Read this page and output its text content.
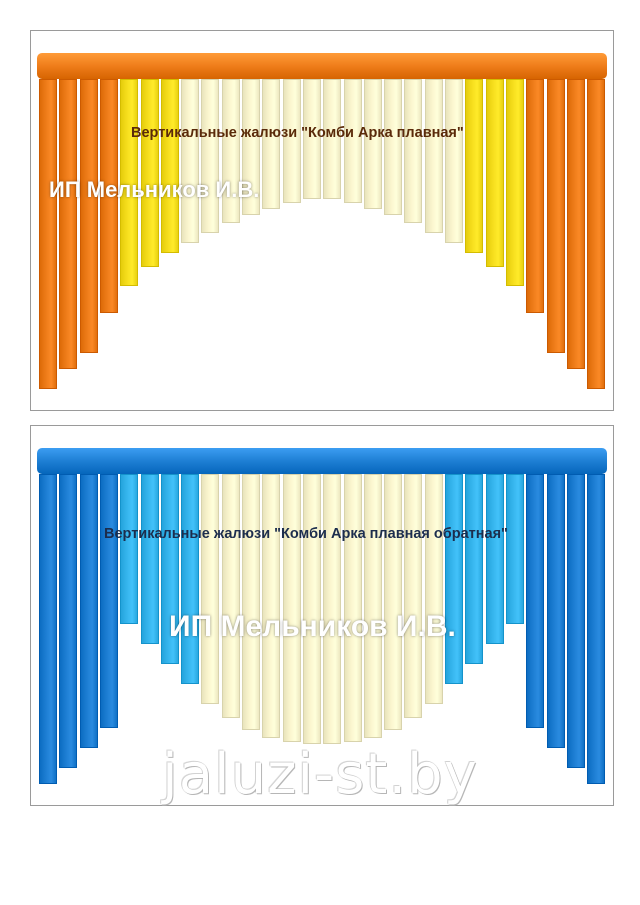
Вертикальные жалюзи "Комби Арка плавная"
ИП Мельников И.В.
Вертикальные жалюзи "Комби Арка плавная обратная"
ИП Мельников И.В.
jaluzi-st.by
